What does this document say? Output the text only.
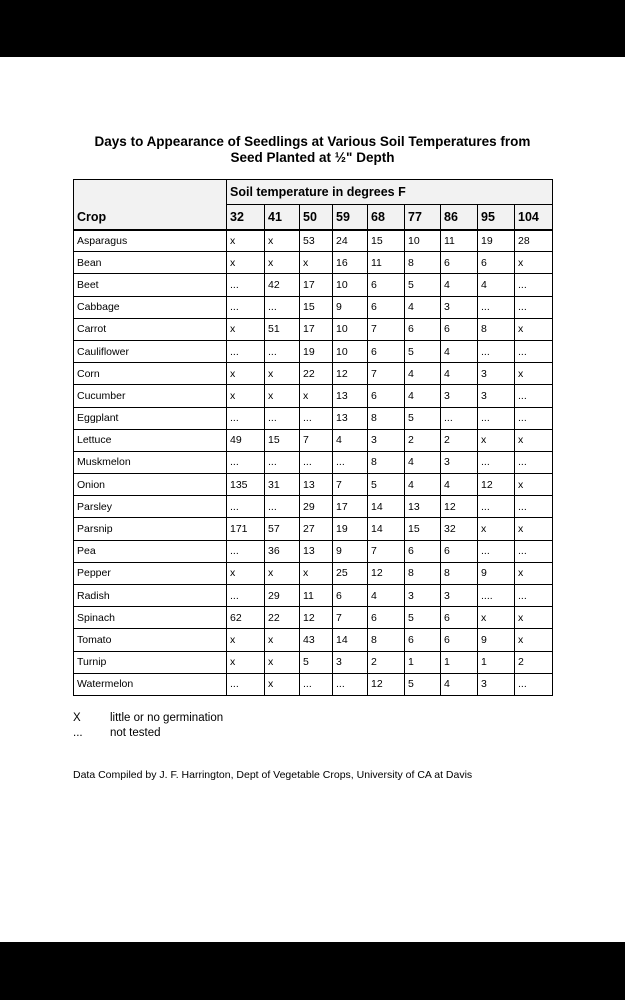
Days to Appearance of Seedlings at Various Soil Temperatures from
Seed Planted at ½" Depth
	Soil temperature in degrees F								
Crop	32	41	50	59	68	77	86	95	104
Asparagus	x	x	53	24	15	10	11	19	28
Bean	x	x	x	16	11	8	6	6	x
Beet	...	42	17	10	6	5	4	4	...
Cabbage	...	...	15	9	6	4	3	...	...
Carrot	x	51	17	10	7	6	6	8	x
Cauliflower	...	...	19	10	6	5	4	...	...
Corn	x	x	22	12	7	4	4	3	x
Cucumber	x	x	x	13	6	4	3	3	...
Eggplant	...	...	...	13	8	5	...	...	...
Lettuce	49	15	7	4	3	2	2	x	x
Muskmelon	...	...	...	...	8	4	3	...	...
Onion	135	31	13	7	5	4	4	12	x
Parsley	...	...	29	17	14	13	12	...	...
Parsnip	171	57	27	19	14	15	32	x	x
Pea	...	36	13	9	7	6	6	...	...
Pepper	x	x	x	25	12	8	8	9	x
Radish	...	29	11	6	4	3	3	....	...
Spinach	62	22	12	7	6	5	6	x	x
Tomato	x	x	43	14	8	6	6	9	x
Turnip	x	x	5	3	2	1	1	1	2
Watermelon	...	x	...	...	12	5	4	3	...
X	little or no germination
...	not tested
Data Compiled by J. F. Harrington, Dept of Vegetable Crops, University of CA at Davis
